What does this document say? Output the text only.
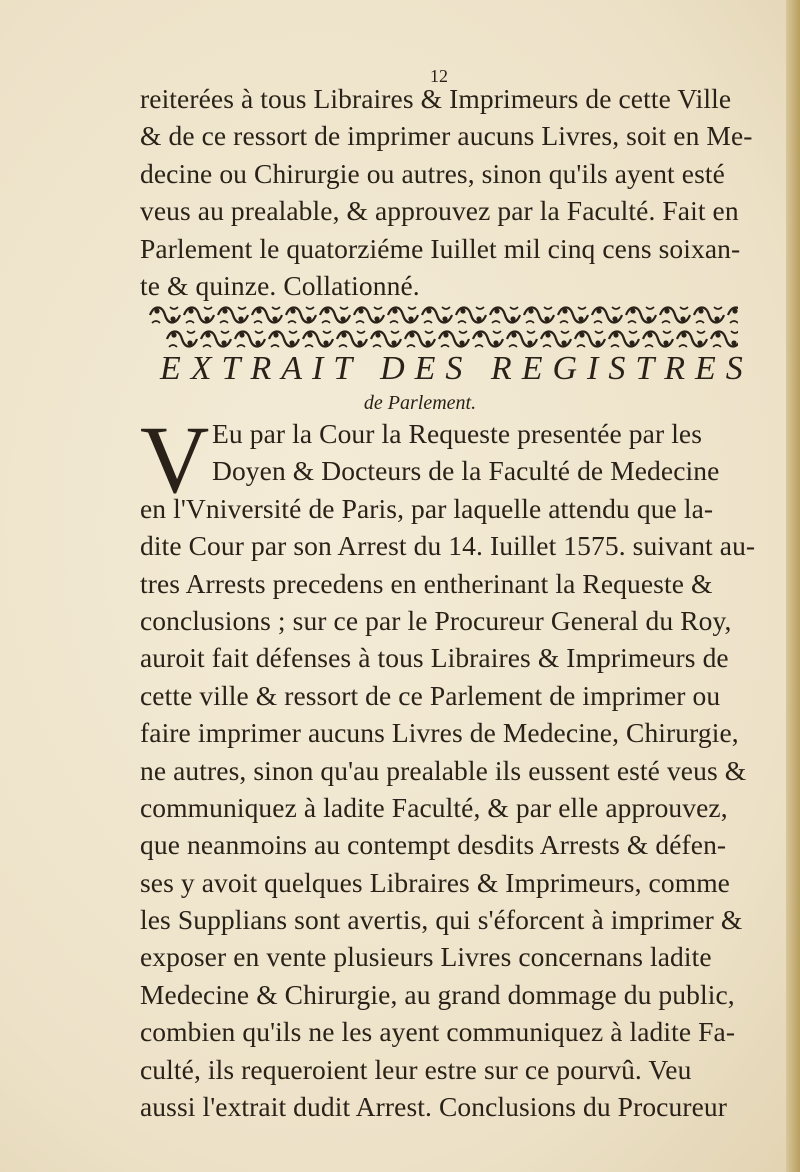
12
reiterées à tous Libraires & Imprimeurs de cette Ville
& de ce ressort de imprimer aucuns Livres, soit en Me-
decine ou Chirurgie ou autres, sinon qu'ils ayent esté
veus au prealable, & approuvez par la Faculté. Fait en
Parlement le quatorziéme Iuillet mil cinq cens soixan-
te & quinze. Collationné.
EXTRAIT DES REGISTRES
de Parlement.
V Eu par la Cour la Requeste presentée par les
Doyen & Docteurs de la Faculté de Medecine
en l'Vniversité de Paris, par laquelle attendu que la-
dite Cour par son Arrest du 14. Iuillet 1575. suivant au-
tres Arrests precedens en entherinant la Requeste &
conclusions ; sur ce par le Procureur General du Roy,
auroit fait défenses à tous Libraires & Imprimeurs de
cette ville & ressort de ce Parlement de imprimer ou
faire imprimer aucuns Livres de Medecine, Chirurgie,
ne autres, sinon qu'au prealable ils eussent esté veus &
communiquez à ladite Faculté, & par elle approuvez,
que neanmoins au contempt desdits Arrests & défen-
ses y avoit quelques Libraires & Imprimeurs, comme
les Supplians sont avertis, qui s'éforcent à imprimer &
exposer en vente plusieurs Livres concernans ladite
Medecine & Chirurgie, au grand dommage du public,
combien qu'ils ne les ayent communiquez à ladite Fa-
culté, ils requeroient leur estre sur ce pourvû. Veu
aussi l'extrait dudit Arrest. Conclusions du Procureur
